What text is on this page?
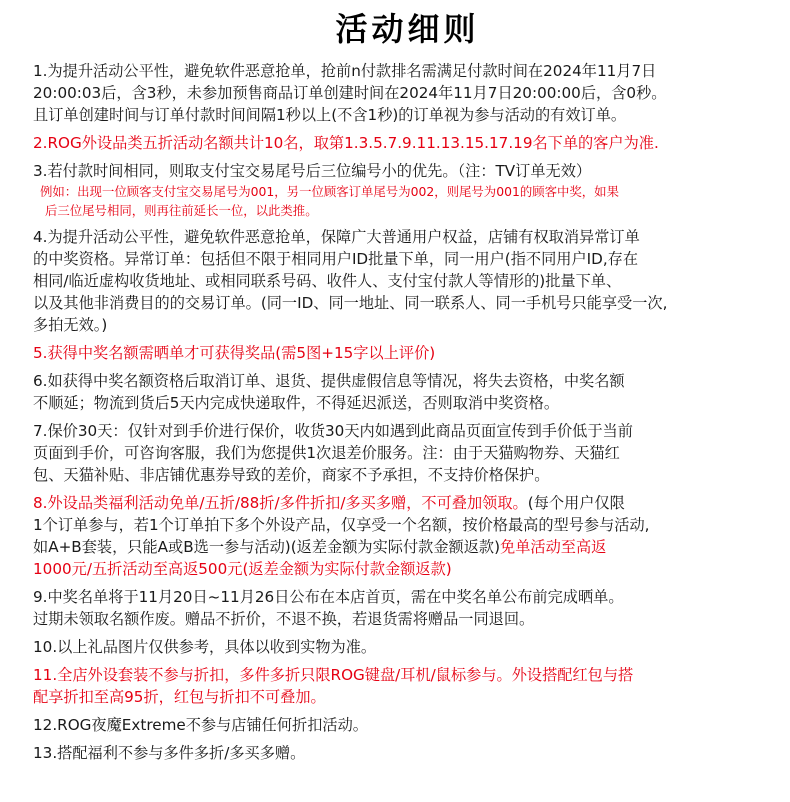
活动细则
1.为提升活动公平性，避免软件恶意抢单，抢前n付款排名需满足付款时间在2024年11月7日
20:00:03后，含3秒，未参加预售商品订单创建时间在2024年11月7日20:00:00后，含0秒。
且订单创建时间与订单付款时间间隔1秒以上(不含1秒)的订单视为参与活动的有效订单。
2.ROG外设品类五折活动名额共计10名，取第1.3.5.7.9.11.13.15.17.19名下单的客户为准.
3.若付款时间相同，则取支付宝交易尾号后三位编号小的优先。（注：TV订单无效）
例如：出现一位顾客支付宝交易尾号为001，另一位顾客订单尾号为002，则尾号为001的顾客中奖，如果
后三位尾号相同，则再往前延长一位，以此类推。
4.为提升活动公平性，避免软件恶意抢单，保障广大普通用户权益，店铺有权取消异常订单
的中奖资格。异常订单：包括但不限于相同用户ID批量下单，同一用户(指不同用户ID,存在
相同/临近虚构收货地址、或相同联系号码、收件人、支付宝付款人等情形的)批量下单、
以及其他非消费目的的交易订单。(同一ID、同一地址、同一联系人、同一手机号只能享受一次,
多拍无效。)
5.获得中奖名额需晒单才可获得奖品(需5图+15字以上评价)
6.如获得中奖名额资格后取消订单、退货、提供虚假信息等情况，将失去资格，中奖名额
不顺延；物流到货后5天内完成快递取件，不得延迟派送，否则取消中奖资格。
7.保价30天：仅针对到手价进行保价，收货30天内如遇到此商品页面宣传到手价低于当前
页面到手价，可咨询客服，我们为您提供1次退差价服务。注：由于天猫购物券、天猫红
包、天猫补贴、非店铺优惠券导致的差价，商家不予承担，不支持价格保护。
8.外设品类福利活动免单/五折/88折/多件折扣/多买多赠，不可叠加领取。(每个用户仅限
1个订单参与，若1个订单拍下多个外设产品，仅享受一个名额，按价格最高的型号参与活动,
如A+B套装，只能A或B选一参与活动)(返差金额为实际付款金额返款)免单活动至高返
1000元/五折活动至高返500元(返差金额为实际付款金额返款)
9.中奖名单将于11月20日~11月26日公布在本店首页，需在中奖名单公布前完成晒单。
过期未领取名额作废。赠品不折价，不退不换，若退货需将赠品一同退回。
10.以上礼品图片仅供参考，具体以收到实物为准。
11.全店外设套装不参与折扣，多件多折只限ROG键盘/耳机/鼠标参与。外设搭配红包与搭
配享折扣至高95折，红包与折扣不可叠加。
12.ROG夜魔Extreme不参与店铺任何折扣活动。
13.搭配福利不参与多件多折/多买多赠。
